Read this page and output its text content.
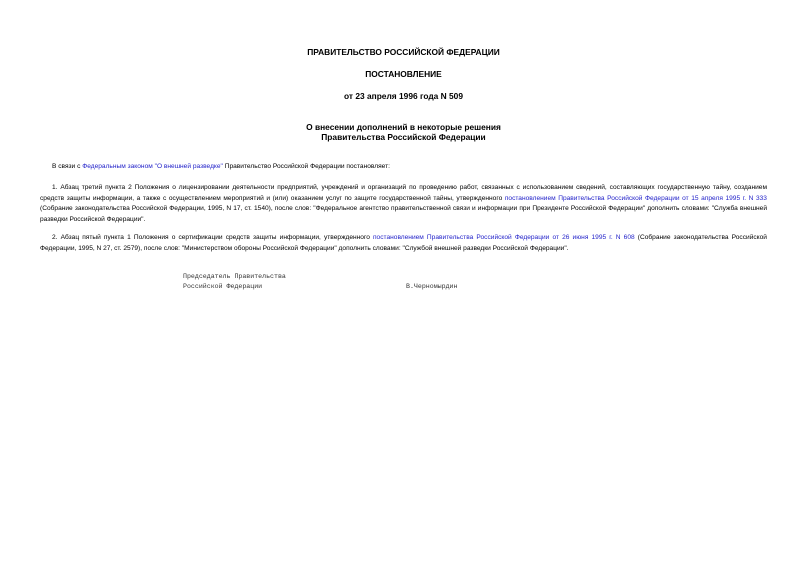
ПРАВИТЕЛЬСТВО РОССИЙСКОЙ ФЕДЕРАЦИИ

ПОСТАНОВЛЕНИЕ

от 23 апреля 1996 года N 509

О внесении дополнений в некоторые решения
Правительства Российской Федерации

В связи с Федеральным законом "О внешней разведке" Правительство Российской Федерации постановляет:

1. Абзац третий пункта 2 Положения о лицензировании деятельности предприятий, учреждений и организаций по проведению работ, связанных с использованием сведений, составляющих государственную тайну, созданием средств защиты информации, а также с осуществлением мероприятий и (или) оказанием услуг по защите государственной тайны, утвержденного постановлением Правительства Российской Федерации от 15 апреля 1995 г. N 333 (Собрание законодательства Российской Федерации, 1995, N 17, ст. 1540), после слов: "Федеральное агентство правительственной связи и информации при Президенте Российской Федерации" дополнить словами: "Служба внешней разведки Российской Федерации".

2. Абзац пятый пункта 1 Положения о сертификации средств защиты информации, утвержденного постановлением Правительства Российской Федерации от 26 июня 1995 г. N 608 (Собрание законодательства Российской Федерации, 1995, N 27, ст. 2579), после слов: "Министерством обороны Российской Федерации" дополнить словами: "Службой внешней разведки Российской Федерации".

Председатель Правительства

Российской Федерации	В.Черномырдин
